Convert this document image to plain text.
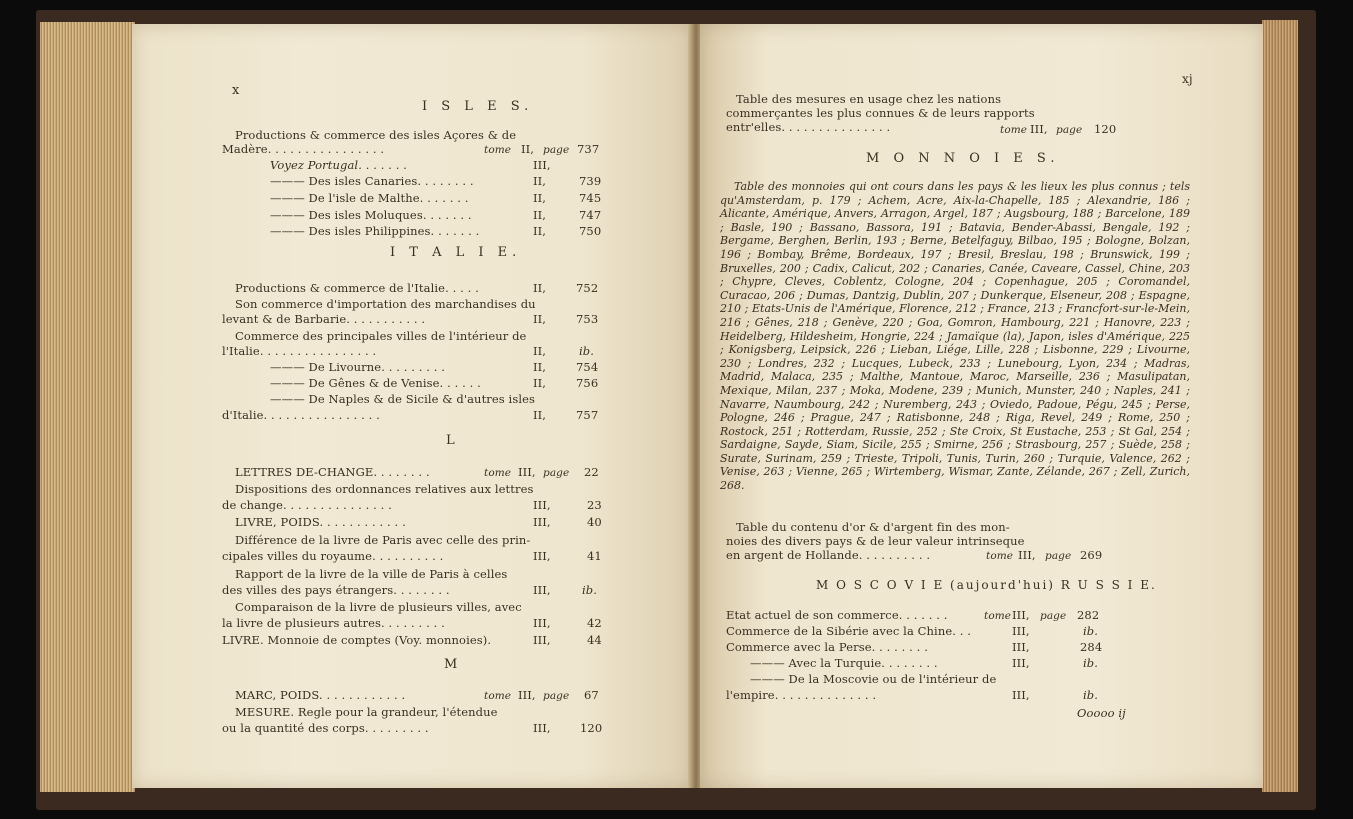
x
I S L E S.
Productions & commerce des isles Açores & de
Madère. . . . . . . . . . . . . . . .	tome II, page 737
Voyez Portugal. . . . . . .	III,
——— Des isles Canaries. . . . . . . .	II,	739
——— De l'isle de Malthe. . . . . . .	II,	745
——— Des isles Moluques. . . . . . .	II,	747
——— Des isles Philippines. . . . . . .	II,	750
I T A L I E.
Productions & commerce de l'Italie. . . . .	II,	752
Son commerce d'importation des marchandises du
levant & de Barbarie. . . . . . . . . . .	II,	753
Commerce des principales villes de l'intérieur de
l'Italie. . . . . . . . . . . . . . . .	II,	ib.
——— De Livourne. . . . . . . . .	II,	754
——— De Gênes & de Venise. . . . . .	II,	756
——— De Naples & de Sicile & d'autres isles
d'Italie. . . . . . . . . . . . . . . .	II,	757
L
LETTRES DE-CHANGE. . . . . . . .	tome III, page 22
Dispositions des ordonnances relatives aux lettres
de change. . . . . . . . . . . . . . .	III,	23
LIVRE, POIDS. . . . . . . . . . . .	III,	40
Différence de la livre de Paris avec celle des prin-
cipales villes du royaume. . . . . . . . . .	III,	41
Rapport de la livre de la ville de Paris à celles
des villes des pays étrangers. . . . . . . .	III,	ib.
Comparaison de la livre de plusieurs villes, avec
la livre de plusieurs autres. . . . . . . . .	III,	42
LIVRE. Monnoie de comptes (Voy. monnoies).	III,	44
M
MARC, POIDS. . . . . . . . . . . .	tome III, page 67
MESURE. Regle pour la grandeur, l'étendue
ou la quantité des corps. . . . . . . . .	III,	120
xj
Table des mesures en usage chez les nations
commerçantes les plus connues & de leurs rapports
entr'elles. . . . . . . . . . . . . . .	tome III, page 120
M O N N O I E S.
Table des monnoies qui ont cours dans les pays & les lieux les plus connus ; tels qu'Amsterdam, p. 179 ; Achem, Acre, Aix-la-Chapelle, 185 ; Alexandrie, 186 ; Alicante, Amérique, Anvers, Arragon, Argel, 187 ; Augsbourg, 188 ; Barcelone, 189 ; Basle, 190 ; Bassano, Bassora, 191 ; Batavia, Bender-Abassi, Bengale, 192 ; Bergame, Berghen, Berlin, 193 ; Berne, Betelfaguy, Bilbao, 195 ; Bologne, Bolzan, 196 ; Bombay, Brême, Bordeaux, 197 ; Bresil, Breslau, 198 ; Brunswick, 199 ; Bruxelles, 200 ; Cadix, Calicut, 202 ; Canaries, Canée, Caveare, Cassel, Chine, 203 ; Chypre, Cleves, Coblentz, Cologne, 204 ; Copenhague, 205 ; Coromandel, Curacao, 206 ; Dumas, Dantzig, Dublin, 207 ; Dunkerque, Elseneur, 208 ; Espagne, 210 ; Etats-Unis de l'Amérique, Florence, 212 ; France, 213 ; Francfort-sur-le-Mein, 216 ; Gênes, 218 ; Genève, 220 ; Goa, Gomron, Hambourg, 221 ; Hanovre, 223 ; Heidelberg, Hildesheim, Hongrie, 224 ; Jamaïque (la), Japon, isles d'Amérique, 225 ; Konigsberg, Leipsick, 226 ; Lieban, Liége, Lille, 228 ; Lisbonne, 229 ; Livourne, 230 ; Londres, 232 ; Lucques, Lubeck, 233 ; Lunebourg, Lyon, 234 ; Madras, Madrid, Malaca, 235 ; Malthe, Mantoue, Maroc, Marseille, 236 ; Masulipatan, Mexique, Milan, 237 ; Moka, Modene, 239 ; Munich, Munster, 240 ; Naples, 241 ; Navarre, Naumbourg, 242 ; Nuremberg, 243 ; Oviedo, Padoue, Pégu, 245 ; Perse, Pologne, 246 ; Prague, 247 ; Ratisbonne, 248 ; Riga, Revel, 249 ; Rome, 250 ; Rostock, 251 ; Rotterdam, Russie, 252 ; Ste Croix, St Eustache, 253 ; St Gal, 254 ; Sardaigne, Sayde, Siam, Sicile, 255 ; Smirne, 256 ; Strasbourg, 257 ; Suède, 258 ; Surate, Surinam, 259 ; Trieste, Tripoli, Tunis, Turin, 260 ; Turquie, Valence, 262 ; Venise, 263 ; Vienne, 265 ; Wirtemberg, Wismar, Zante, Zélande, 267 ; Zell, Zurich, 268.
Table du contenu d'or & d'argent fin des mon-
noies des divers pays & de leur valeur intrinseque
en argent de Hollande. . . . . . . . . .	tome III, page 269
M O S C O V I E (aujourd'hui) R U S S I E.
Etat actuel de son commerce. . . . . . .	tome III, page 282
Commerce de la Sibérie avec la Chine. . .	III,	ib.
Commerce avec la Perse. . . . . . . .	III,	284
——— Avec la Turquie. . . . . . . .	III,	ib.
——— De la Moscovie ou de l'intérieur de
l'empire. . . . . . . . . . . . . .	III,	ib.
Ooooo ij
